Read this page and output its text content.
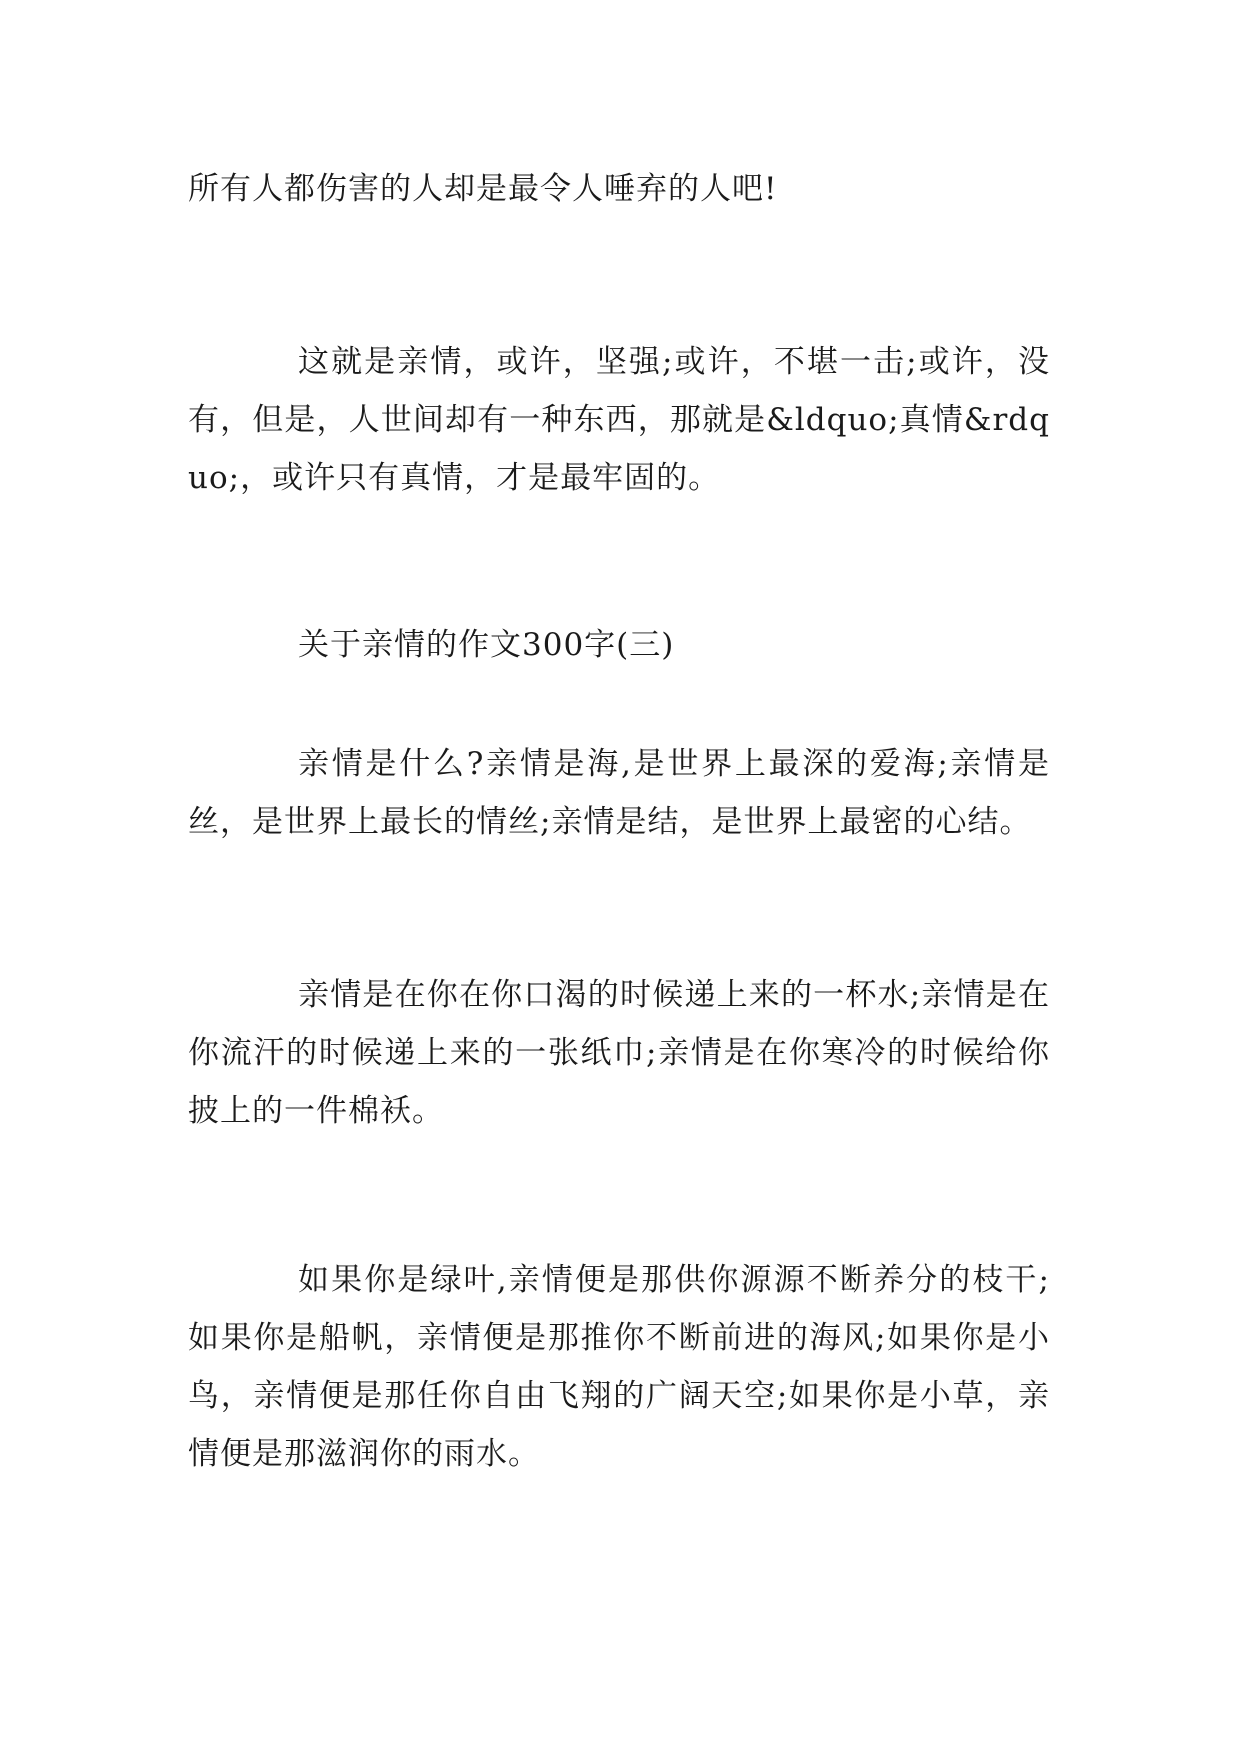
所有人都伤害的人却是最令人唾弃的人吧!

这就是亲情，或许，坚强;或许，不堪一击;或许，没有，但是，人世间却有一种东西，那就是&ldquo;真情&rdquo;，或许只有真情，才是最牢固的。

关于亲情的作文300字(三)

亲情是什么?亲情是海,是世界上最深的爱海;亲情是丝，是世界上最长的情丝;亲情是结，是世界上最密的心结。

亲情是在你在你口渴的时候递上来的一杯水;亲情是在你流汗的时候递上来的一张纸巾;亲情是在你寒冷的时候给你披上的一件棉袄。

如果你是绿叶,亲情便是那供你源源不断养分的枝干;如果你是船帆，亲情便是那推你不断前进的海风;如果你是小鸟，亲情便是那任你自由飞翔的广阔天空;如果你是小草，亲情便是那滋润你的雨水。
